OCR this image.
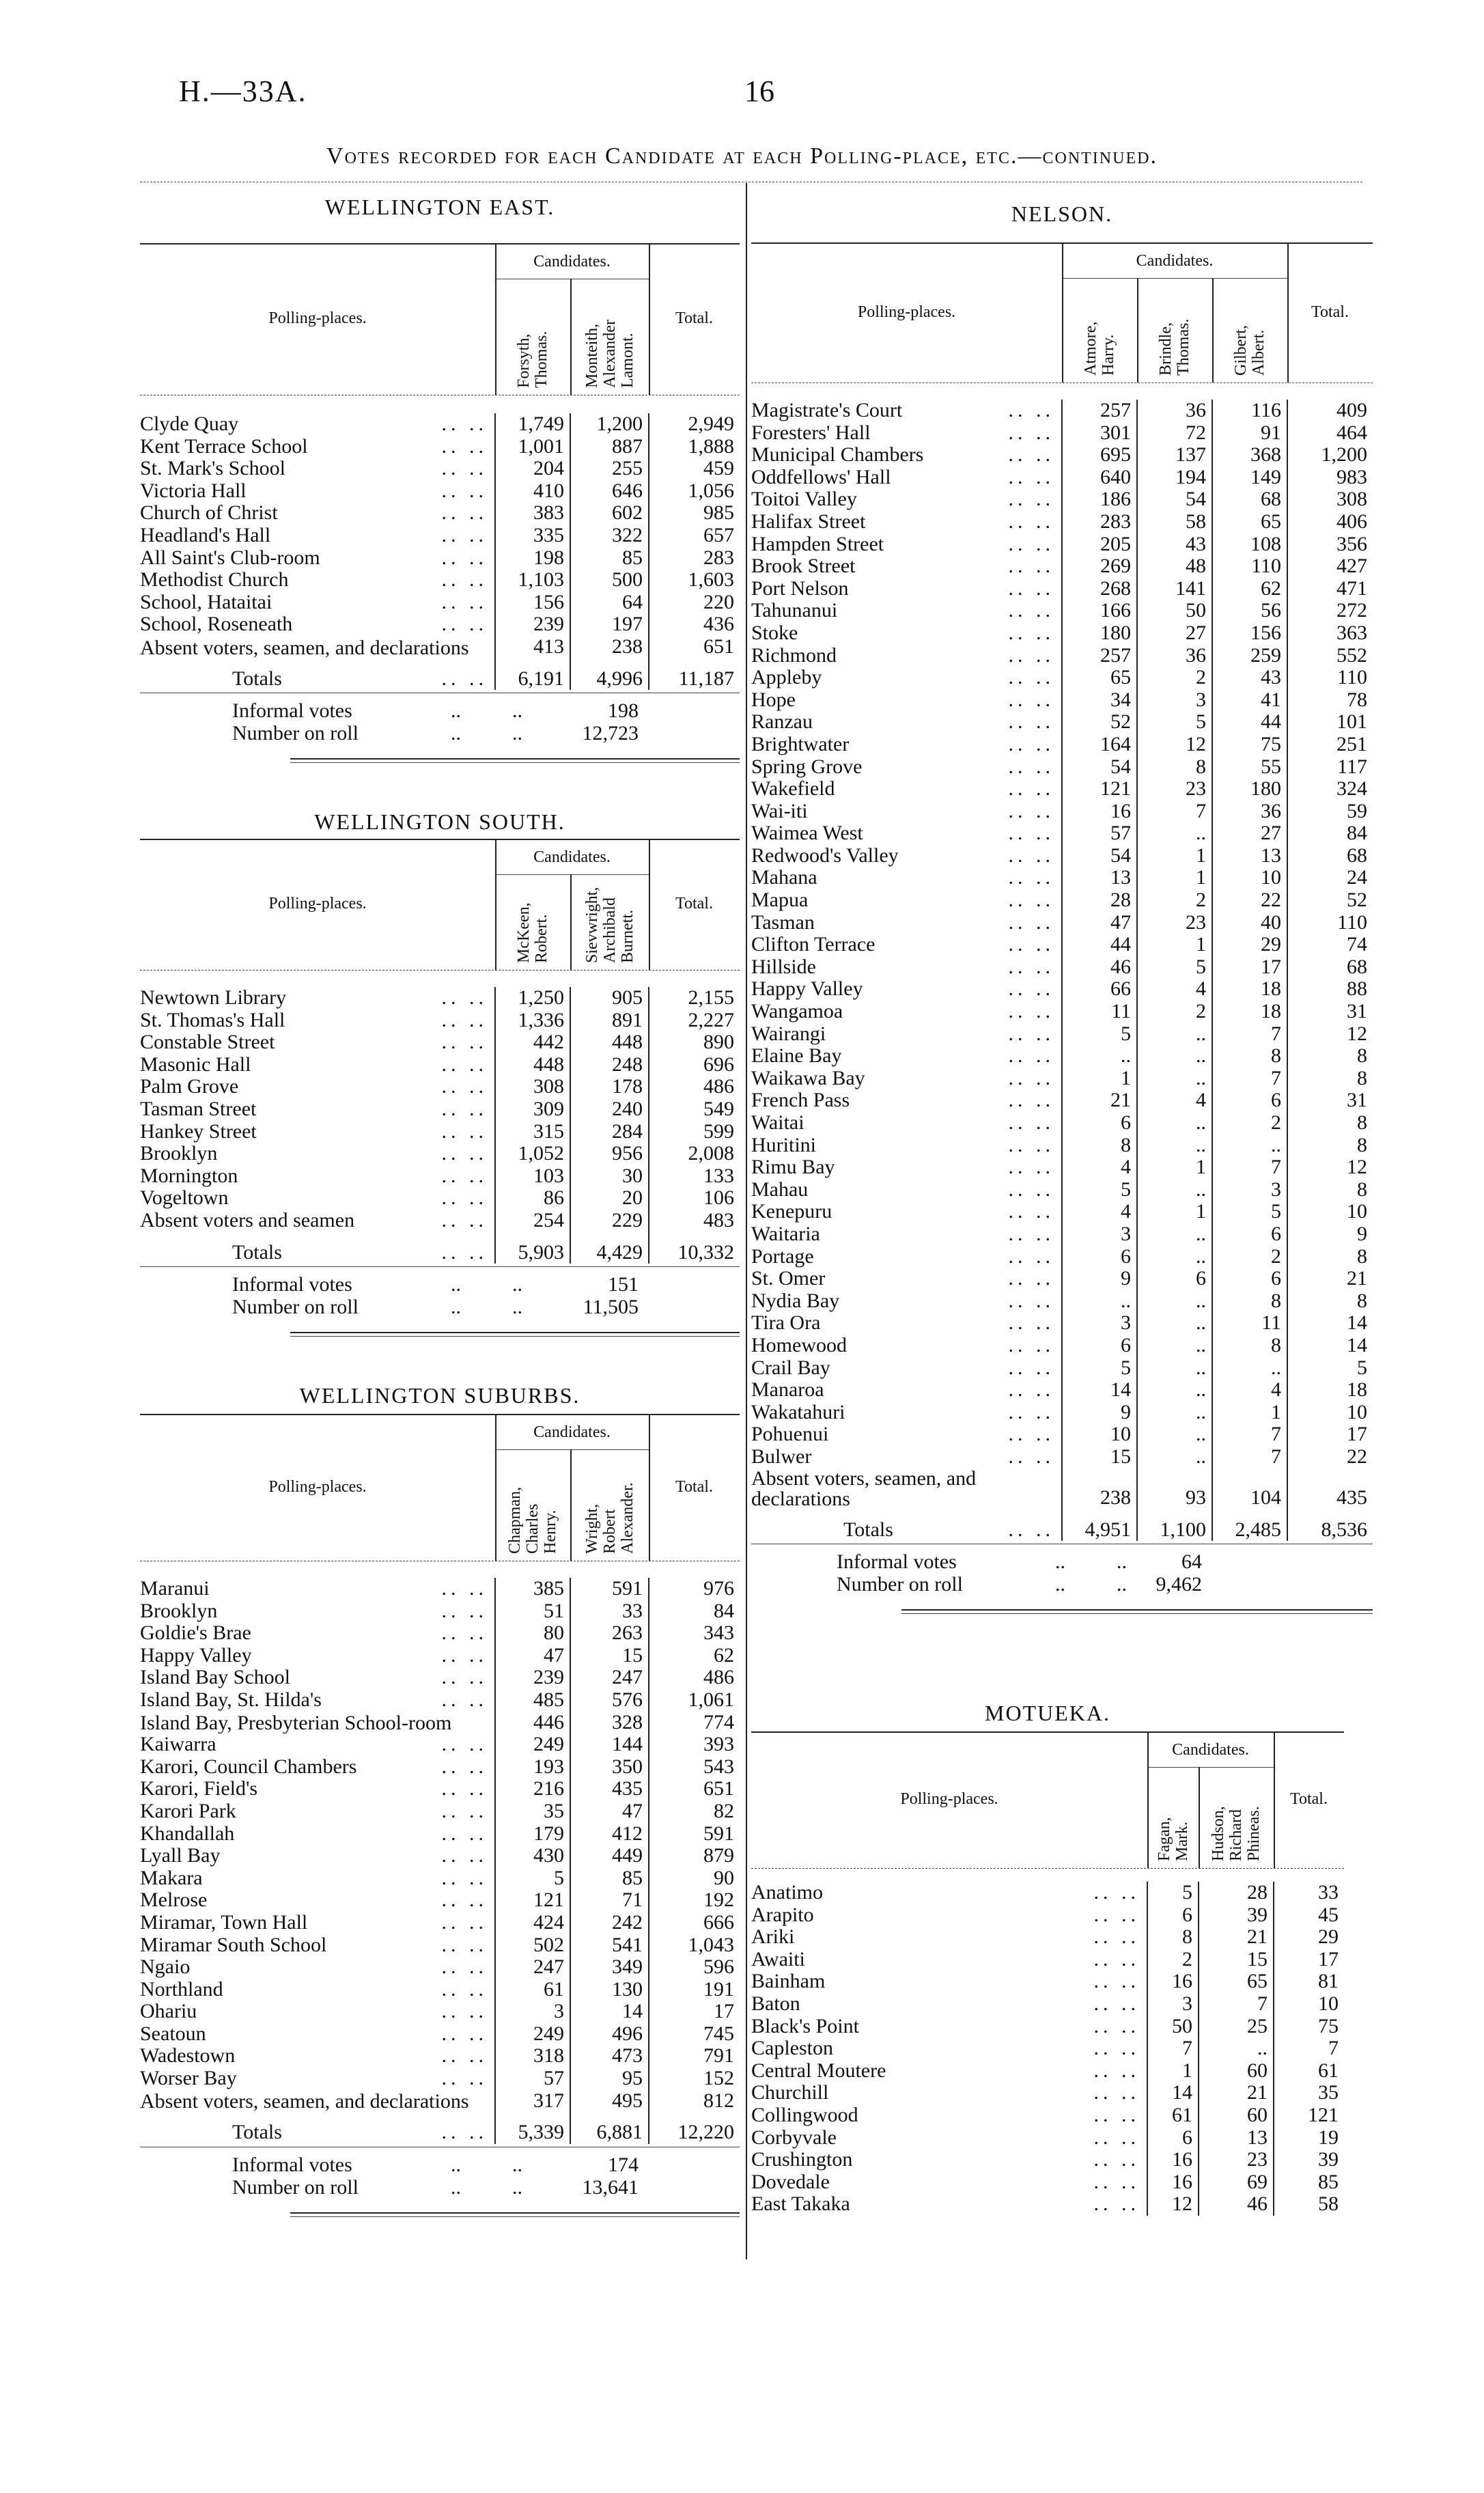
H.—33A.	16
Votes recorded for each Candidate at each Polling-place, etc.—continued.
WELLINGTON EAST.
Polling-places.
Candidates.
Forsyth, Thomas. Monteith, Alexander Lamont.
Total.
Clyde Quay .. ..	1,749	1,200	2,949
Kent Terrace School .. ..	1,001	887	1,888
St. Mark's School .. ..	204	255	459
Victoria Hall .. ..	410	646	1,056
Church of Christ .. ..	383	602	985
Headland's Hall .. ..	335	322	657
All Saint's Club-room .. ..	198	85	283
Methodist Church .. ..	1,103	500	1,603
School, Hataitai .. ..	156	64	220
School, Roseneath .. ..	239	197	436
Absent voters, seamen, and declarations	413	238	651
Totals .. ..	6,191	4,996	11,187
Informal votes	..          ..	198
Number on roll	..          ..	12,723
WELLINGTON SOUTH.
Polling-places.
Candidates.
McKeen, Robert. Sievwright, Archibald Burnett.
Total.
Newtown Library .. ..	1,250	905	2,155
St. Thomas's Hall .. ..	1,336	891	2,227
Constable Street .. ..	442	448	890
Masonic Hall .. ..	448	248	696
Palm Grove .. ..	308	178	486
Tasman Street .. ..	309	240	549
Hankey Street .. ..	315	284	599
Brooklyn .. ..	1,052	956	2,008
Mornington .. ..	103	30	133
Vogeltown .. ..	86	20	106
Absent voters and seamen .. ..	254	229	483
Totals .. ..	5,903	4,429	10,332
Informal votes	..          ..	151
Number on roll	..          ..	11,505
WELLINGTON SUBURBS.
Polling-places.
Candidates.
Chapman, Charles Henry. Wright, Robert Alexander.	Total.
Maranui .. ..	385	591	976
Brooklyn .. ..	51	33	84
Goldie's Brae .. ..	80	263	343
Happy Valley .. ..	47	15	62
Island Bay School .. ..	239	247	486
Island Bay, St. Hilda's .. ..	485	576	1,061
Island Bay, Presbyterian School-room	446	328	774
Kaiwarra .. ..	249	144	393
Karori, Council Chambers .. ..	193	350	543
Karori, Field's .. ..	216	435	651
Karori Park .. ..	35	47	82
Khandallah .. ..	179	412	591
Lyall Bay .. ..	430	449	879
Makara .. ..	5	85	90
Melrose .. ..	121	71	192
Miramar, Town Hall .. ..	424	242	666
Miramar South School .. ..	502	541	1,043
Ngaio .. ..	247	349	596
Northland .. ..	61	130	191
Ohariu .. ..	3	14	17
Seatoun .. ..	249	496	745
Wadestown .. ..	318	473	791
Worser Bay .. ..	57	95	152
Absent voters, seamen, and declarations	317	495	812
Totals .. ..	5,339	6,881	12,220
Informal votes	..          ..	174
Number on roll	..          ..	13,641
NELSON.
Polling-places.
Candidates.
Atmore, Harry. Brindle, Thomas. Gilbert, Albert.
Total.
Magistrate's Court .. ..	257	36	116	409
Foresters' Hall .. ..	301	72	91	464
Municipal Chambers .. ..	695	137	368	1,200
Oddfellows' Hall .. ..	640	194	149	983
Toitoi Valley .. ..	186	54	68	308
Halifax Street .. ..	283	58	65	406
Hampden Street .. ..	205	43	108	356
Brook Street .. ..	269	48	110	427
Port Nelson .. ..	268	141	62	471
Tahunanui .. ..	166	50	56	272
Stoke .. ..	180	27	156	363
Richmond .. ..	257	36	259	552
Appleby .. ..	65	2	43	110
Hope .. ..	34	3	41	78
Ranzau .. ..	52	5	44	101
Brightwater .. ..	164	12	75	251
Spring Grove .. ..	54	8	55	117
Wakefield .. ..	121	23	180	324
Wai-iti .. ..	16	7	36	59
Waimea West .. ..	57	..	27	84
Redwood's Valley .. ..	54	1	13	68
Mahana .. ..	13	1	10	24
Mapua .. ..	28	2	22	52
Tasman .. ..	47	23	40	110
Clifton Terrace .. ..	44	1	29	74
Hillside .. ..	46	5	17	68
Happy Valley .. ..	66	4	18	88
Wangamoa .. ..	11	2	18	31
Wairangi .. ..	5	..	7	12
Elaine Bay .. ..	..	..	8	8
Waikawa Bay .. ..	1	..	7	8
French Pass .. ..	21	4	6	31
Waitai .. ..	6	..	2	8
Huritini .. ..	8	..	..	8
Rimu Bay .. ..	4	1	7	12
Mahau .. ..	5	..	3	8
Kenepuru .. ..	4	1	5	10
Waitaria .. ..	3	..	6	9
Portage .. ..	6	..	2	8
St. Omer .. ..	9	6	6	21
Nydia Bay .. ..	..	..	8	8
Tira Ora .. ..	3	..	11	14
Homewood .. ..	6	..	8	14
Crail Bay .. ..	5	..	..	5
Manaroa .. ..	14	..	4	18
Wakatahuri .. ..	9	..	1	10
Pohuenui .. ..	10	..	7	17
Bulwer .. ..	15	..	7	22
Absent voters, seamen, and declarations	238	93	104	435
Totals .. ..	4,951	1,100	2,485	8,536
Informal votes	..          ..	64
Number on roll	..          .. 9,462
MOTUEKA.
Polling-places.
Candidates.
Fagan, Mark. Hudson, Richard Phineas.
Total.
Anatimo .. ..	5	28	33
Arapito .. ..	6	39	45
Ariki .. ..	8	21	29
Awaiti .. ..	2	15	17
Bainham .. ..	16	65	81
Baton .. ..	3	7	10
Black's Point .. ..	50	25	75
Capleston .. ..	7	..	7
Central Moutere .. ..	1	60	61
Churchill .. ..	14	21	35
Collingwood .. ..	61	60	121
Corbyvale .. ..	6	13	19
Crushington .. ..	16	23	39
Dovedale .. ..	16	69	85
East Takaka .. ..	12	46	58
